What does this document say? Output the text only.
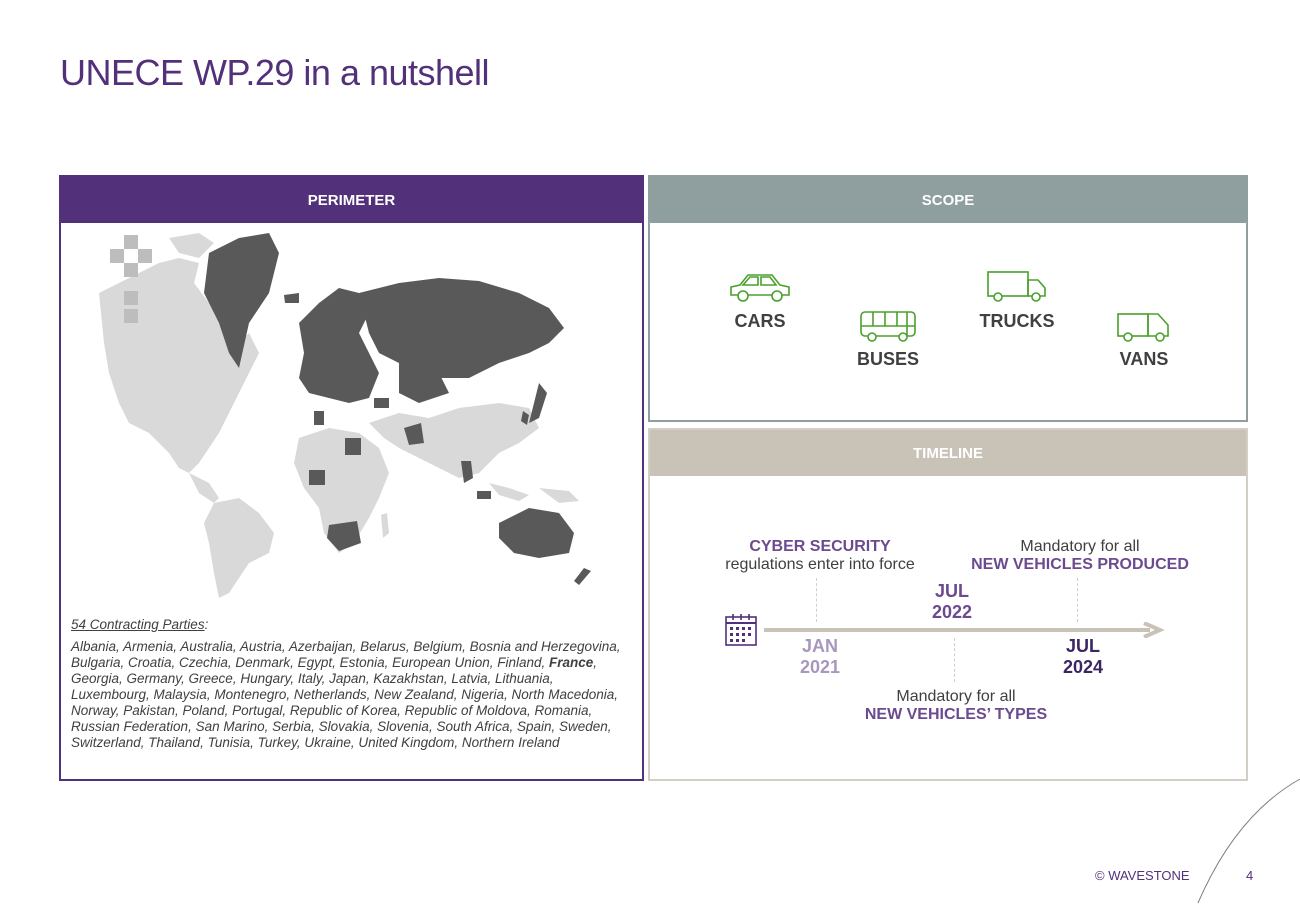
UNECE WP.29 in a nutshell
PERIMETER
54 Contracting Parties:
Albania, Armenia, Australia, Austria, Azerbaijan, Belarus, Belgium, Bosnia and Herzegovina, Bulgaria, Croatia, Czechia, Denmark, Egypt, Estonia, European Union, Finland, France, Georgia, Germany, Greece, Hungary, Italy, Japan, Kazakhstan, Latvia, Lithuania, Luxembourg, Malaysia, Montenegro, Netherlands, New Zealand, Nigeria, North Macedonia, Norway, Pakistan, Poland, Portugal, Republic of Korea, Republic of Moldova, Romania, Russian Federation, San Marino, Serbia, Slovakia, Slovenia, South Africa, Spain, Sweden, Switzerland, Thailand, Tunisia, Turkey, Ukraine, United Kingdom, Northern Ireland
SCOPE
CARS
BUSES
TRUCKS
VANS
TIMELINE
CYBER SECURITY
regulations enter into force
Mandatory for all
NEW VEHICLES PRODUCED
Mandatory for all
NEW VEHICLES’ TYPES
JAN
2021
JUL
2022
JUL
2024
© WAVESTONE	4
